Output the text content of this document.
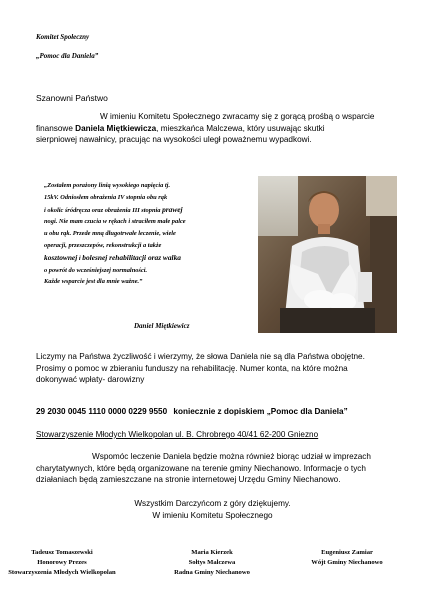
Komitet Społeczny
„Pomoc dla Daniela”
Szanowni Państwo
W imieniu Komitetu Społecznego zwracamy się z gorącą prośbą o wsparcie
finansowe Daniela Miętkiewicza, mieszkańca Malczewa, który usuwając skutki
sierpniowej nawałnicy, pracując na wysokości uległ poważnemu wypadkowi.
„Zostałem porażony linią wysokiego napięcia tj.
15kV. Odniosłem obrażenia IV stopnia obu rąk
i okolic śródręcza oraz obrażenia III stopnia prawej
nogi. Nie mam czucia w rękach i straciłem małe palce
u obu rąk. Przede mną długotrwałe leczenie, wiele
operacji, przeszczepów, rekonstrukcji a także
kosztownej i bolesnej rehabilitacji oraz walka
o powrót do wcześniejszej normalności.
Każde wsparcie jest dla mnie ważne.”
Daniel Miętkiewicz
Liczymy na Państwa życzliwość i wierzymy, że słowa Daniela nie są dla Państwa obojętne.
Prosimy o pomoc w zbieraniu funduszy na rehabilitację. Numer konta, na które można
dokonywać wpłaty- darowizny
29 2030 0045 1110 0000 0229 9550 koniecznie z dopiskiem „Pomoc dla Daniela”
Stowarzyszenie Młodych Wielkopolan ul. B. Chrobrego 40/41 62-200 Gniezno
Wspomóc leczenie Daniela będzie można również biorąc udział w imprezach
charytatywnych, które będą organizowane na terenie gminy Niechanowo. Informacje o tych
działaniach będą zamieszczane na stronie internetowej Urzędu Gminy Niechanowo.
Wszystkim Darczyńcom z góry dziękujemy.
W imieniu Komitetu Społecznego
Tadeusz Tomaszewski
Honorowy Prezes
Stowarzyszenia Młodych Wielkopolan
Maria Kierzek
Sołtys Malczewa
Radna Gminy Niechanowo
Eugeniusz Zamiar
Wójt Gminy Niechanowo
